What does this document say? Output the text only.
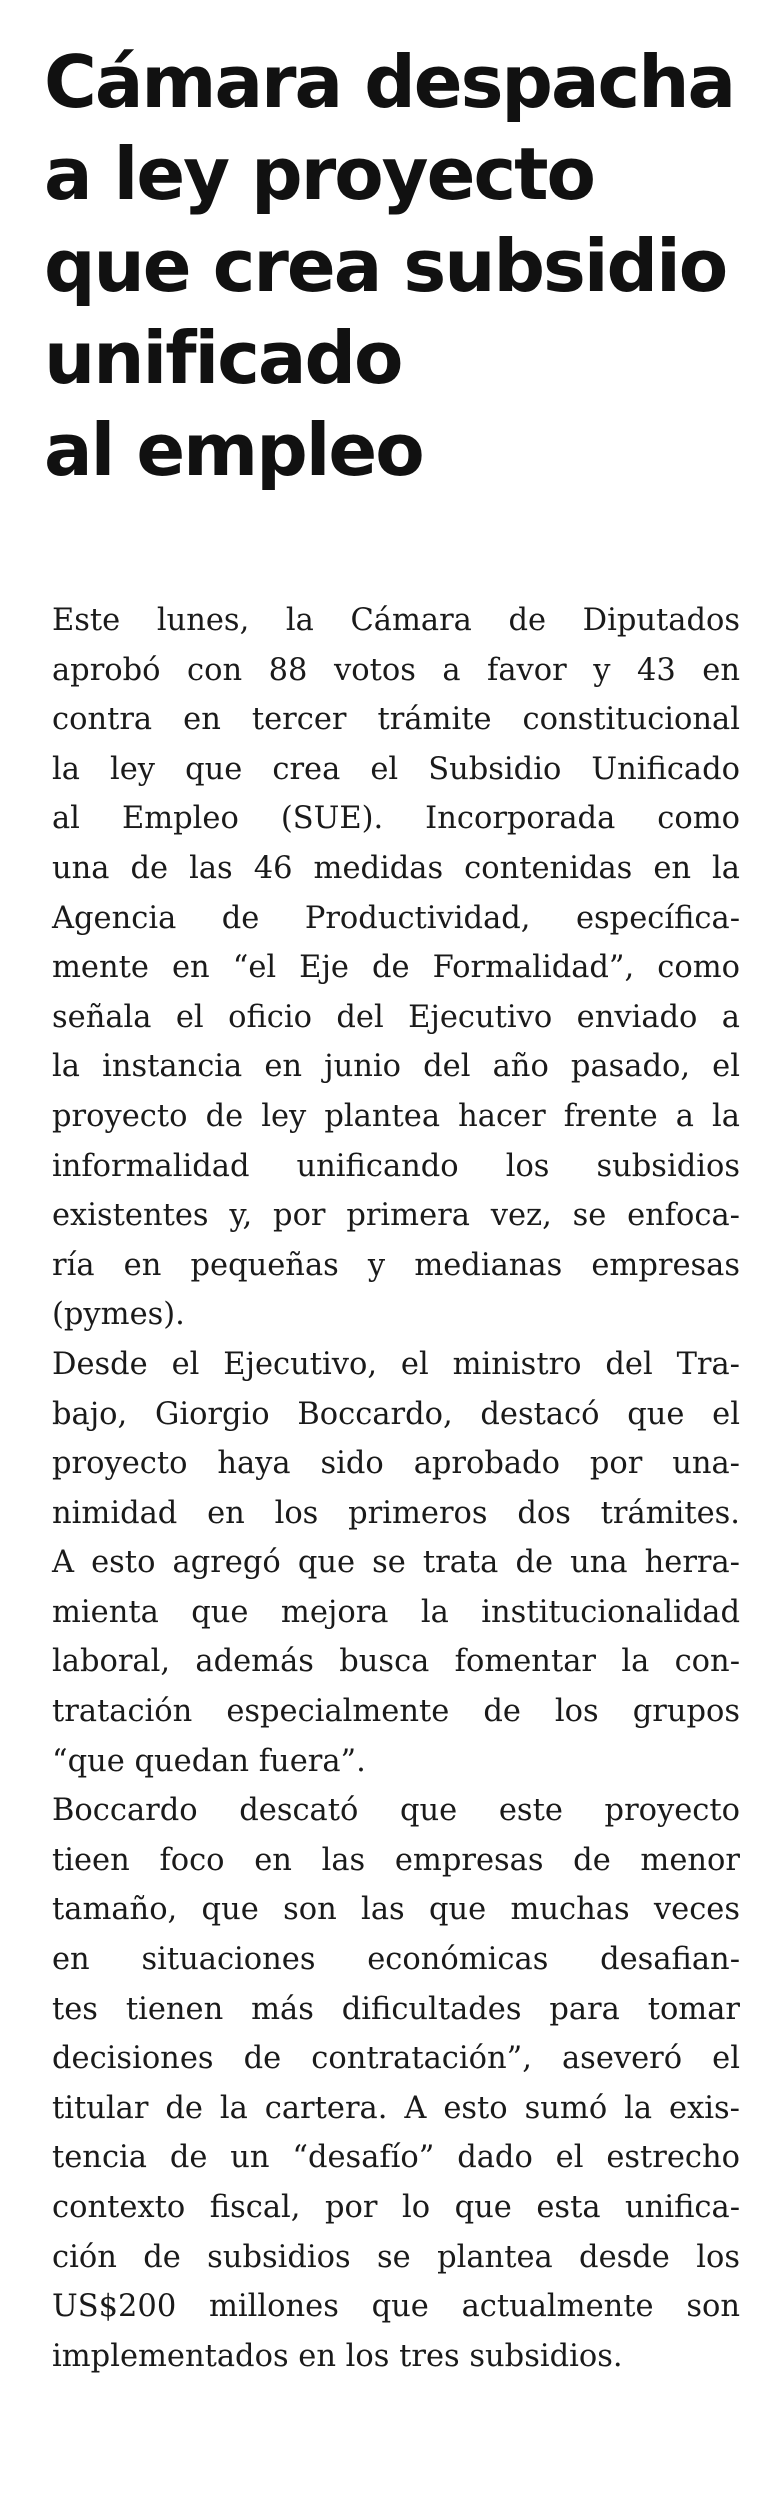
Cámara despacha
a ley proyecto
que crea subsidio
unificado
al empleo
Este lunes, la Cámara de Diputados
aprobó con 88 votos a favor y 43 en
contra en tercer trámite constitucional
la ley que crea el Subsidio Unificado
al Empleo (SUE). Incorporada como
una de las 46 medidas contenidas en la
Agencia de Productividad, específica-
mente en “el Eje de Formalidad”, como
señala el oficio del Ejecutivo enviado a
la instancia en junio del año pasado, el
proyecto de ley plantea hacer frente a la
informalidad unificando los subsidios
existentes y, por primera vez, se enfoca-
ría en pequeñas y medianas empresas
(pymes).
Desde el Ejecutivo, el ministro del Tra-
bajo, Giorgio Boccardo, destacó que el
proyecto haya sido aprobado por una-
nimidad en los primeros dos trámites.
A esto agregó que se trata de una herra-
mienta que mejora la institucionalidad
laboral, además busca fomentar la con-
tratación especialmente de los grupos
“que quedan fuera”.
Boccardo descató que este proyecto
tieen foco en las empresas de menor
tamaño, que son las que muchas veces
en situaciones económicas desafian-
tes tienen más dificultades para tomar
decisiones de contratación”, aseveró el
titular de la cartera. A esto sumó la exis-
tencia de un “desafío” dado el estrecho
contexto fiscal, por lo que esta unifica-
ción de subsidios se plantea desde los
US$200 millones que actualmente son
implementados en los tres subsidios.
